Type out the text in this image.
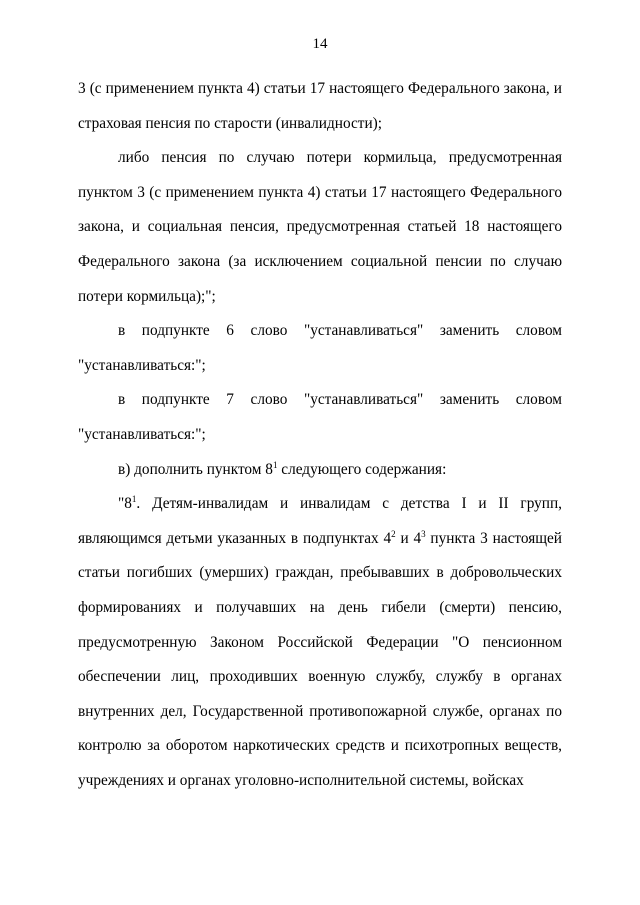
14

3 (с применением пункта 4) статьи 17 настоящего Федерального закона, и страховая пенсия по старости (инвалидности);

либо пенсия по случаю потери кормильца, предусмотренная пунктом 3 (с применением пункта 4) статьи 17 настоящего Федерального закона, и социальная пенсия, предусмотренная статьей 18 настоящего Федерального закона (за исключением социальной пенсии по случаю потери кормильца);";

в подпункте 6 слово "устанавливаться" заменить словом "устанавливаться:";

в подпункте 7 слово "устанавливаться" заменить словом "устанавливаться:";

в) дополнить пунктом $8^1$ следующего содержания:

"$8^1$. Детям-инвалидам и инвалидам с детства I и II групп, являющимся детьми указанных в подпунктах $4^2$ и $4^3$ пункта 3 настоящей статьи погибших (умерших) граждан, пребывавших в добровольческих формированиях и получавших на день гибели (смерти) пенсию, предусмотренную Законом Российской Федерации "О пенсионном обеспечении лиц, проходивших военную службу, службу в органах внутренних дел, Государственной противопожарной службе, органах по контролю за оборотом наркотических средств и психотропных веществ, учреждениях и органах уголовно-исполнительной системы, войсках
